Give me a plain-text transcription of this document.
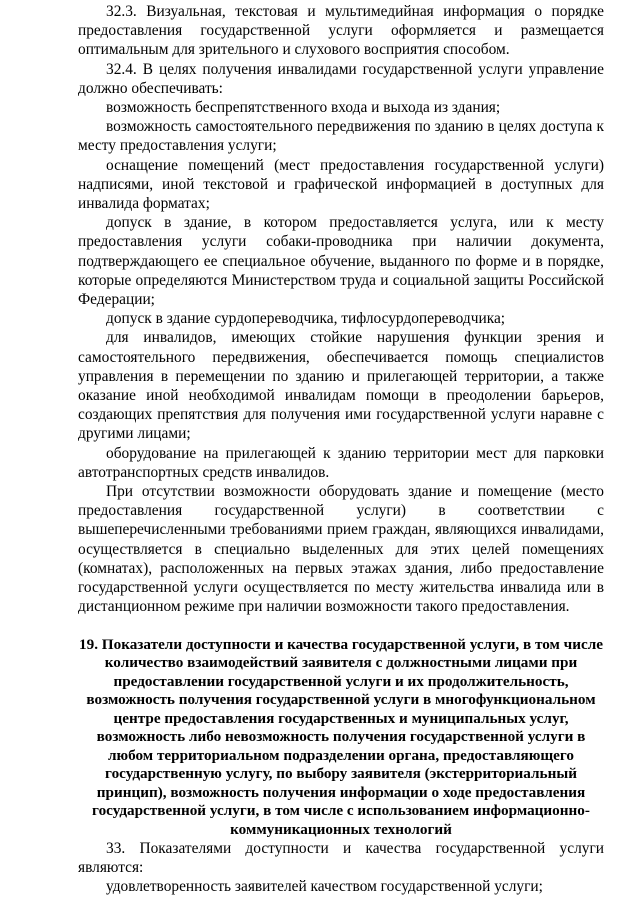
32.3. Визуальная, текстовая и мультимедийная информация о порядке предоставления государственной услуги оформляется и размещается оптимальным для зрительного и слухового восприятия способом.

32.4. В целях получения инвалидами государственной услуги управление должно обеспечивать:

возможность беспрепятственного входа и выхода из здания;

возможность самостоятельного передвижения по зданию в целях доступа к месту предоставления услуги;

оснащение помещений (мест предоставления государственной услуги) надписями, иной текстовой и графической информацией в доступных для инвалида форматах;

допуск в здание, в котором предоставляется услуга, или к месту предоставления услуги собаки-проводника при наличии документа, подтверждающего ее специальное обучение, выданного по форме и в порядке, которые определяются Министерством труда и социальной защиты Российской Федерации;

допуск в здание сурдопереводчика, тифлосурдопереводчика;

для инвалидов, имеющих стойкие нарушения функции зрения и самостоятельного передвижения, обеспечивается помощь специалистов управления в перемещении по зданию и прилегающей территории, а также оказание иной необходимой инвалидам помощи в преодолении барьеров, создающих препятствия для получения ими государственной услуги наравне с другими лицами;

оборудование на прилегающей к зданию территории мест для парковки автотранспортных средств инвалидов.

При отсутствии возможности оборудовать здание и помещение (место предоставления государственной услуги) в соответствии с вышеперечисленными требованиями прием граждан, являющихся инвалидами, осуществляется в специально выделенных для этих целей помещениях (комнатах), расположенных на первых этажах здания, либо предоставление государственной услуги осуществляется по месту жительства инвалида или в дистанционном режиме при наличии возможности такого предоставления.

19. Показатели доступности и качества государственной услуги, в том числе количество взаимодействий заявителя с должностными лицами при предоставлении государственной услуги и их продолжительность, возможность получения государственной услуги в многофункциональном центре предоставления государственных и муниципальных услуг, возможность либо невозможность получения государственной услуги в любом территориальном подразделении органа, предоставляющего государственную услугу, по выбору заявителя (экстерриториальный принцип), возможность получения информации о ходе предоставления государственной услуги, в том числе с использованием информационно-коммуникационных технологий

33. Показателями доступности и качества государственной услуги являются:

удовлетворенность заявителей качеством государственной услуги;
